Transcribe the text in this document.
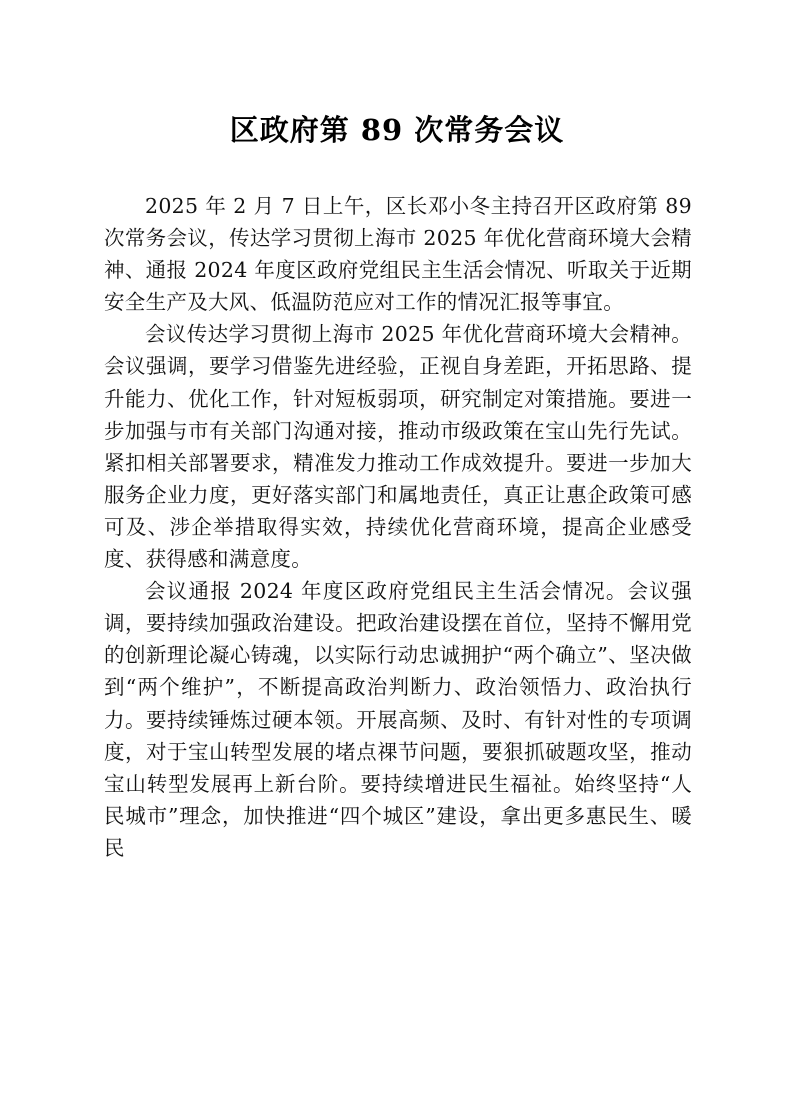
区政府第 89 次常务会议

2025 年 2 月 7 日上午，区长邓小冬主持召开区政府第 89 次常务会议，传达学习贯彻上海市 2025 年优化营商环境大会精神、通报 2024 年度区政府党组民主生活会情况、听取关于近期安全生产及大风、低温防范应对工作的情况汇报等事宜。

会议传达学习贯彻上海市 2025 年优化营商环境大会精神。会议强调，要学习借鉴先进经验，正视自身差距，开拓思路、提升能力、优化工作，针对短板弱项，研究制定对策措施。要进一步加强与市有关部门沟通对接，推动市级政策在宝山先行先试。紧扣相关部署要求，精准发力推动工作成效提升。要进一步加大服务企业力度，更好落实部门和属地责任，真正让惠企政策可感可及、涉企举措取得实效，持续优化营商环境，提高企业感受度、获得感和满意度。

会议通报 2024 年度区政府党组民主生活会情况。会议强调，要持续加强政治建设。把政治建设摆在首位，坚持不懈用党的创新理论凝心铸魂，以实际行动忠诚拥护“两个确立”、坚决做到“两个维护”，不断提高政治判断力、政治领悟力、政治执行力。要持续锤炼过硬本领。开展高频、及时、有针对性的专项调度，对于宝山转型发展的堵点祼节问题，要狠抓破题攻坚，推动宝山转型发展再上新台阶。要持续增进民生福祉。始终坚持“人民城市”理念，加快推进“四个城区”建设，拿出更多惠民生、暖民
